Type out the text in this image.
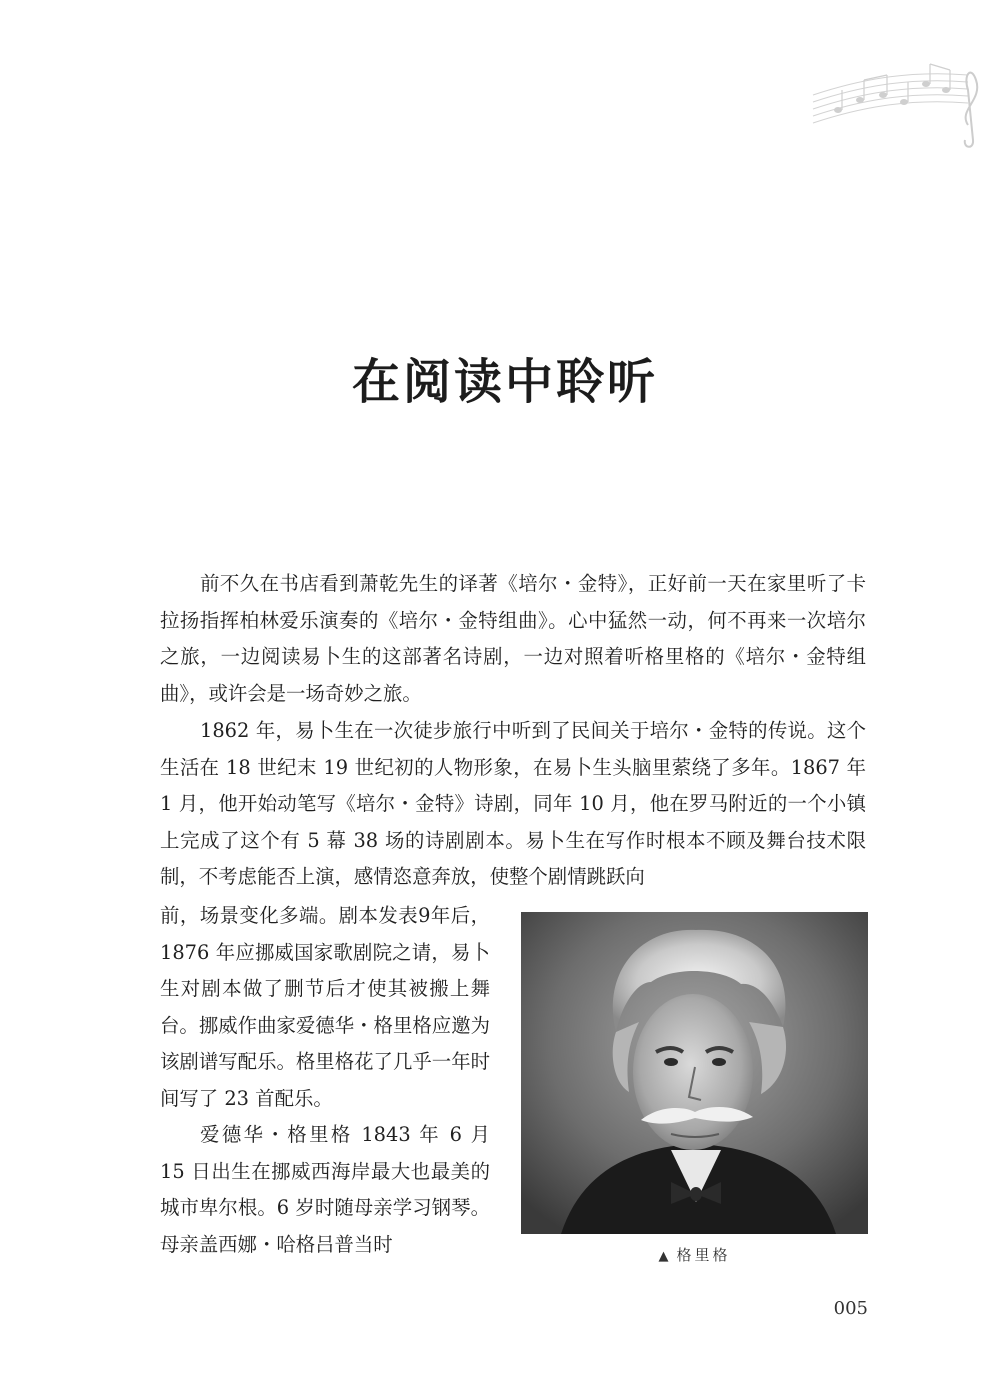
在阅读中聆听

前不久在书店看到萧乾先生的译著《培尔・金特》，正好前一天在家里听了卡拉扬指挥柏林爱乐演奏的《培尔・金特组曲》。心中猛然一动，何不再来一次培尔之旅，一边阅读易卜生的这部著名诗剧，一边对照着听格里格的《培尔・金特组曲》，或许会是一场奇妙之旅。

1862 年，易卜生在一次徒步旅行中听到了民间关于培尔・金特的传说。这个生活在 18 世纪末 19 世纪初的人物形象，在易卜生头脑里萦绕了多年。1867 年 1 月，他开始动笔写《培尔・金特》诗剧，同年 10 月，他在罗马附近的一个小镇上完成了这个有 5 幕 38 场的诗剧剧本。易卜生在写作时根本不顾及舞台技术限制，不考虑能否上演，感情恣意奔放，使整个剧情跳跃向

前，场景变化多端。剧本发表9年后，1876 年应挪威国家歌剧院之请，易卜生对剧本做了删节后才使其被搬上舞台。挪威作曲家爱德华・格里格应邀为该剧谱写配乐。格里格花了几乎一年时间写了 23 首配乐。

爱德华・格里格 1843 年 6 月 15 日出生在挪威西海岸最大也最美的城市卑尔根。6 岁时随母亲学习钢琴。母亲盖西娜・哈格吕普当时

▲ 格里格
005
